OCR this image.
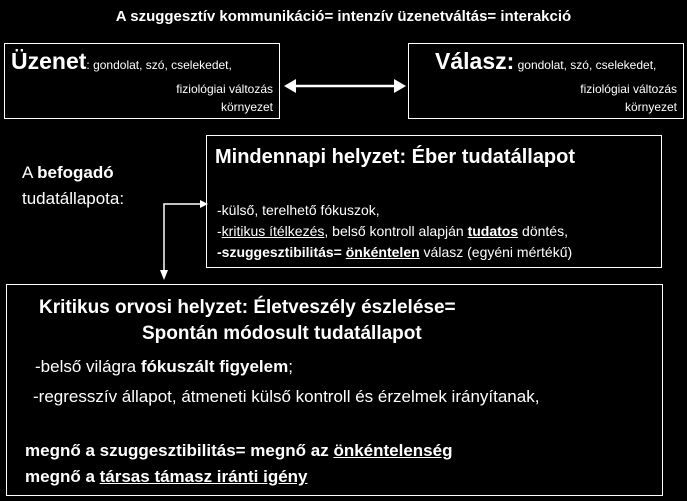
A szuggesztív kommunikáció= intenzív üzenetváltás= interakció
Üzenet: gondolat, szó, cselekedet,
fiziológiai változás
környezet
Válasz: gondolat, szó, cselekedet,
fiziológiai változás
környezet
A befogadó
tudatállapota:
Mindennapi helyzet: Éber tudatállapot
-külső, terelhető fókuszok,
-kritikus ítélkezés, belső kontroll alapján tudatos döntés,
-szuggesztibilitás= önkéntelen válasz (egyéni mértékű)
Kritikus orvosi helyzet: Életveszély észlelése=
Spontán módosult tudatállapot
-belső világra fókuszált figyelem;
-regresszív állapot, átmeneti külső kontroll és érzelmek irányítanak,
megnő a szuggesztibilitás= megnő az önkéntelenség
megnő a társas támasz iránti igény
